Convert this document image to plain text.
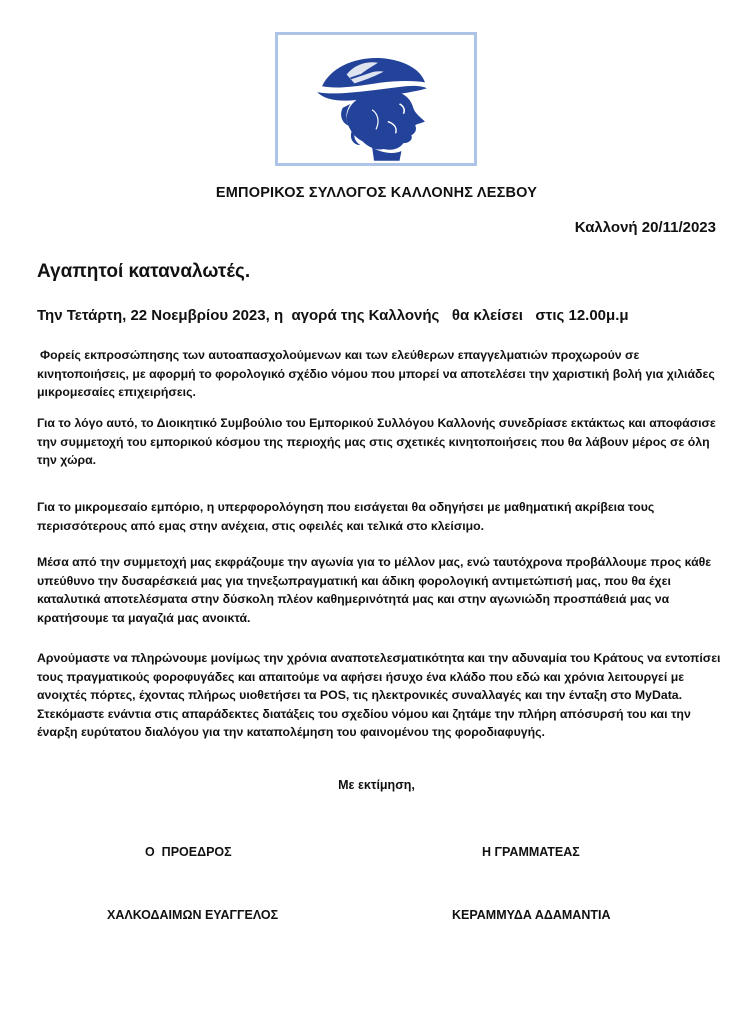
ΕΜΠΟΡΙΚΟΣ ΣΥΛΛΟΓΟΣ ΚΑΛΛΟΝΗΣ ΛΕΣΒΟΥ
Καλλονή 20/11/2023
Αγαπητοί καταναλωτές.
Την Τετάρτη, 22 Νοεμβρίου 2023, η  αγορά της Καλλονής   θα κλείσει   στις 12.00μ.μ
Φορείς εκπροσώπησης των αυτοαπασχολούμενων και των ελεύθερων επαγγελματιών προχωρούν σε κινητοποιήσεις, με αφορμή το φορολογικό σχέδιο νόμου που μπορεί να αποτελέσει την χαριστική βολή για χιλιάδες μικρομεσαίες επιχειρήσεις.
Για το λόγο αυτό, το Διοικητικό Συμβούλιο του Εμπορικού Συλλόγου Καλλονής συνεδρίασε εκτάκτως και αποφάσισε την συμμετοχή του εμπορικού κόσμου της περιοχής μας στις σχετικές κινητοποιήσεις που θα λάβουν μέρος σε όλη την χώρα.
Για το μικρομεσαίο εμπόριο, η υπερφορολόγηση που εισάγεται θα οδηγήσει με μαθηματική ακρίβεια τους περισσότερους από εμας στην ανέχεια, στις οφειλές και τελικά στο κλείσιμο.
Μέσα από την συμμετοχή μας εκφράζουμε την αγωνία για το μέλλον μας, ενώ ταυτόχρονα προβάλλουμε προς κάθε υπεύθυνο την δυσαρέσκειά μας για τηνεξωπραγματική και άδικη φορολογική αντιμετώπισή μας, που θα έχει καταλυτικά αποτελέσματα στην δύσκολη πλέον καθημερινότητά μας και στην αγωνιώδη προσπάθειά μας να κρατήσουμε τα μαγαζιά μας ανοικτά.
Αρνούμαστε να πληρώνουμε μονίμως την χρόνια αναποτελεσματικότητα και την αδυναμία του Κράτους να εντοπίσει τους πραγματικούς φοροφυγάδες και απαιτούμε να αφήσει ήσυχο ένα κλάδο που εδώ και χρόνια λειτουργεί με ανοιχτές πόρτες, έχοντας πλήρως υιοθετήσει τα POS, τις ηλεκτρονικές συναλλαγές και την ένταξη στο MyData. Στεκόμαστε ενάντια στις απαράδεκτες διατάξεις του σχεδίου νόμου και ζητάμε την πλήρη απόσυρσή του και την έναρξη ευρύτατου διαλόγου για την καταπολέμηση του φαινομένου της φοροδιαφυγής.
Με εκτίμηση,
Ο  ΠΡΟΕΔΡΟΣ	Η ΓΡΑΜΜΑΤΕΑΣ
ΧΑΛΚΟΔΑΙΜΩΝ ΕΥΑΓΓΕΛΟΣ	ΚΕΡΑΜΜΥΔΑ ΑΔΑΜΑΝΤΙΑ
